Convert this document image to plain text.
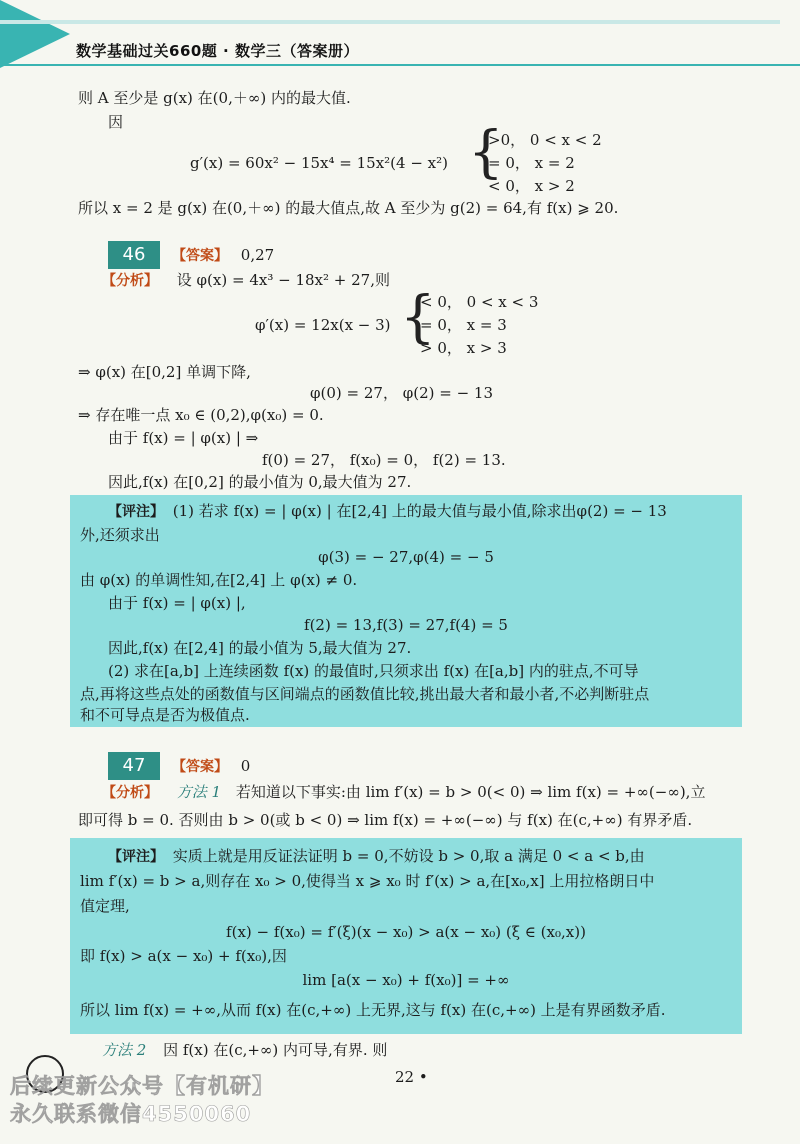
数学基础过关660题 · 数学三（答案册）
则 A 至少是 g(x) 在(0,＋∞) 内的最大值.
因
g′(x) = 60x² − 15x⁴ = 15x²(4 − x²) {
>0， 0 < x < 2
= 0， x = 2
< 0， x > 2
所以 x = 2 是 g(x) 在(0,＋∞) 的最大值点,故 A 至少为 g(2) = 64,有 f(x) ⩾ 20.
46	【答案】 0,27
【分析】 设 φ(x) = 4x³ − 18x² + 27,则
φ′(x) = 12x(x − 3) {
< 0， 0 < x < 3
= 0， x = 3
> 0， x > 3
⇒ φ(x) 在[0,2] 单调下降,
φ(0) = 27， φ(2) = − 13
⇒ 存在唯一点 x₀ ∈ (0,2),φ(x₀) = 0.
由于 f(x) = | φ(x) | ⇒
f(0) = 27， f(x₀) = 0， f(2) = 13.
因此,f(x) 在[0,2] 的最小值为 0,最大值为 27.
【评注】 (1) 若求 f(x) = | φ(x) | 在[2,4] 上的最大值与最小值,除求出φ(2) = − 13
外,还须求出
φ(3) = − 27,φ(4) = − 5
由 φ(x) 的单调性知,在[2,4] 上 φ(x) ≠ 0.
由于 f(x) = | φ(x) |,
f(2) = 13,f(3) = 27,f(4) = 5
因此,f(x) 在[2,4] 的最小值为 5,最大值为 27.
(2) 求在[a,b] 上连续函数 f(x) 的最值时,只须求出 f(x) 在[a,b] 内的驻点,不可导
点,再将这些点处的函数值与区间端点的函数值比较,挑出最大者和最小者,不必判断驻点
和不可导点是否为极值点.
47	【答案】 0
【分析】 方法 1 若知道以下事实:由 lim f′(x) = b > 0(< 0) ⇒ lim f(x) = +∞(−∞),立
即可得 b = 0. 否则由 b > 0(或 b < 0) ⇒ lim f(x) = +∞(−∞) 与 f(x) 在(c,+∞) 有界矛盾.
【评注】 实质上就是用反证法证明 b = 0,不妨设 b > 0,取 a 满足 0 < a < b,由
lim f′(x) = b > a,则存在 x₀ > 0,使得当 x ⩾ x₀ 时 f′(x) > a,在[x₀,x] 上用拉格朗日中
值定理,
f(x) − f(x₀) = f′(ξ)(x − x₀) > a(x − x₀) (ξ ∈ (x₀,x))
即 f(x) > a(x − x₀) + f(x₀),因
lim [a(x − x₀) + f(x₀)] = +∞
所以 lim f(x) = +∞,从而 f(x) 在(c,+∞) 上无界,这与 f(x) 在(c,+∞) 上是有界函数矛盾.
方法 2 因 f(x) 在(c,+∞) 内可导,有界. 则
22 •
后续更新公众号【有机研】
永久联系微信4550060
